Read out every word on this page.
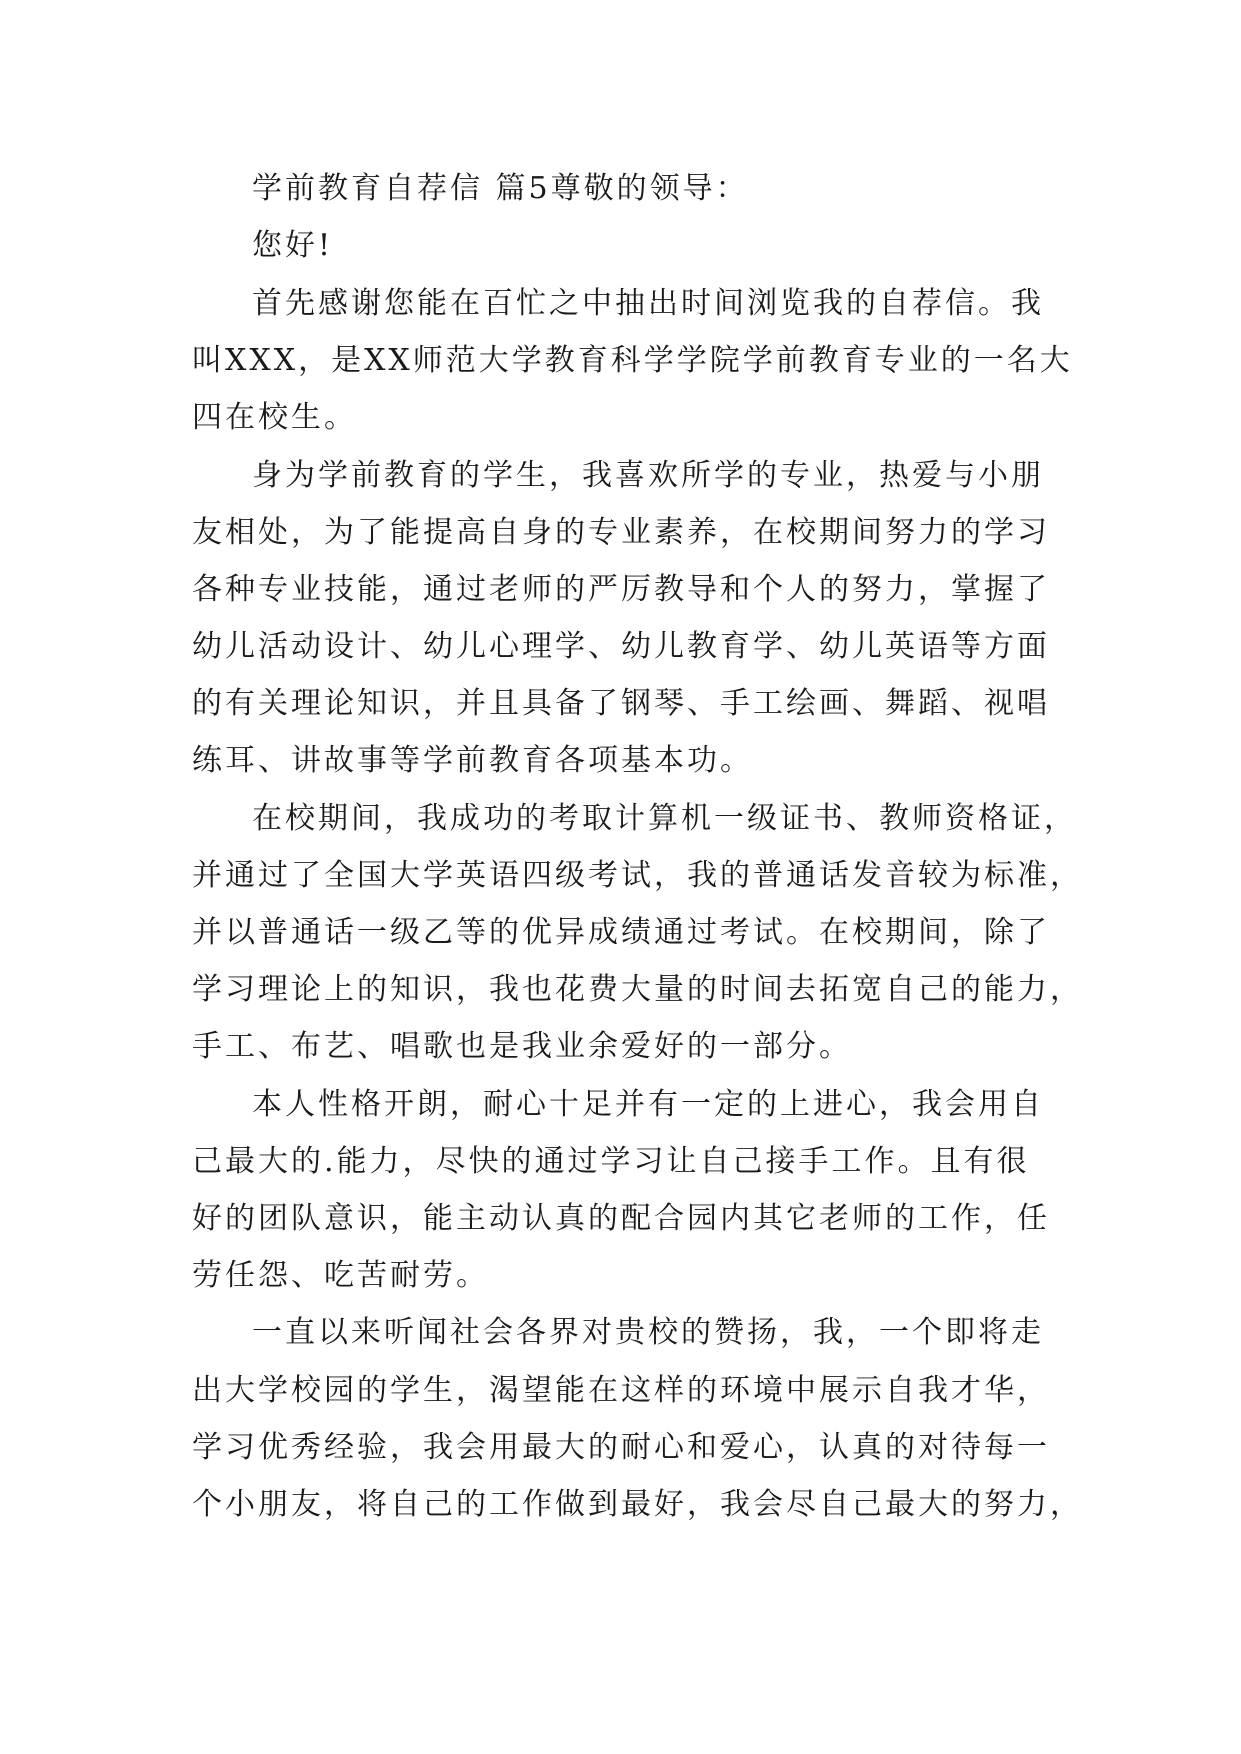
学前教育自荐信 篇5尊敬的领导：
您好!
首先感谢您能在百忙之中抽出时间浏览我的自荐信。我
叫XXX，是XX师范大学教育科学学院学前教育专业的一名大
四在校生。
身为学前教育的学生，我喜欢所学的专业，热爱与小朋
友相处，为了能提高自身的专业素养，在校期间努力的学习
各种专业技能，通过老师的严厉教导和个人的努力，掌握了
幼儿活动设计、幼儿心理学、幼儿教育学、幼儿英语等方面
的有关理论知识，并且具备了钢琴、手工绘画、舞蹈、视唱
练耳、讲故事等学前教育各项基本功。
在校期间，我成功的考取计算机一级证书、教师资格证，
并通过了全国大学英语四级考试，我的普通话发音较为标准，
并以普通话一级乙等的优异成绩通过考试。在校期间，除了
学习理论上的知识，我也花费大量的时间去拓宽自己的能力，
手工、布艺、唱歌也是我业余爱好的一部分。
本人性格开朗，耐心十足并有一定的上进心，我会用自
己最大的.能力，尽快的通过学习让自己接手工作。且有很
好的团队意识，能主动认真的配合园内其它老师的工作，任
劳任怨、吃苦耐劳。
一直以来听闻社会各界对贵校的赞扬，我，一个即将走
出大学校园的学生，渴望能在这样的环境中展示自我才华，
学习优秀经验，我会用最大的耐心和爱心，认真的对待每一
个小朋友，将自己的工作做到最好，我会尽自己最大的努力，
